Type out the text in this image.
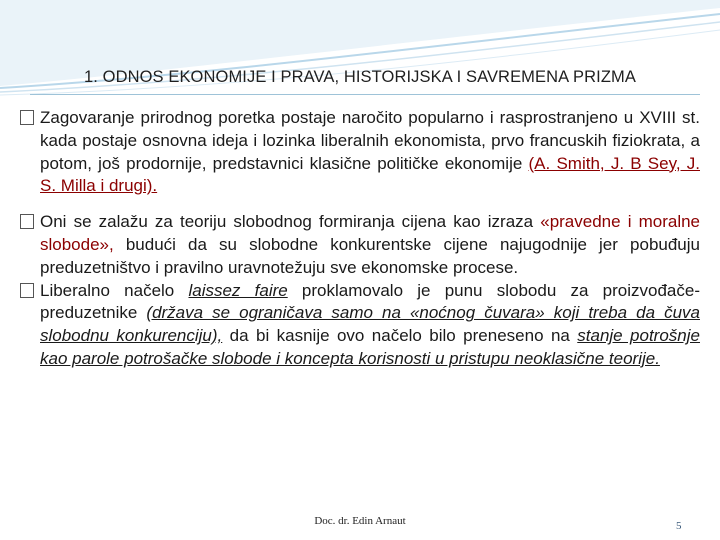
1. ODNOS EKONOMIJE I PRAVA, HISTORIJSKA I SAVREMENA PRIZMA
Zagovaranje prirodnog poretka postaje naročito popularno i rasprostranjeno u XVIII st. kada postaje osnovna ideja i lozinka liberalnih ekonomista, prvo francuskih fiziokrata, a potom, još prodornije, predstavnici klasične političke ekonomije (A. Smith, J. B Sey, J. S. Milla i drugi).
Oni se zalažu za teoriju slobodnog formiranja cijena kao izraza «pravedne i moralne slobode», budući da su slobodne konkurentske cijene najugodnije jer pobuđuju preduzetništvo i pravilno uravnotežuju sve ekonomske procese.
Liberalno načelo laissez faire proklamovalo je punu slobodu za proizvođače-preduzetnike (država se ograničava samo na «noćnog čuvara» koji treba da čuva slobodnu konkurenciju), da bi kasnije ovo načelo bilo preneseno na stanje potrošnje kao parole potrošačke slobode i koncepta korisnosti u pristupu neoklasične teorije.
Doc. dr. Edin Arnaut	5
